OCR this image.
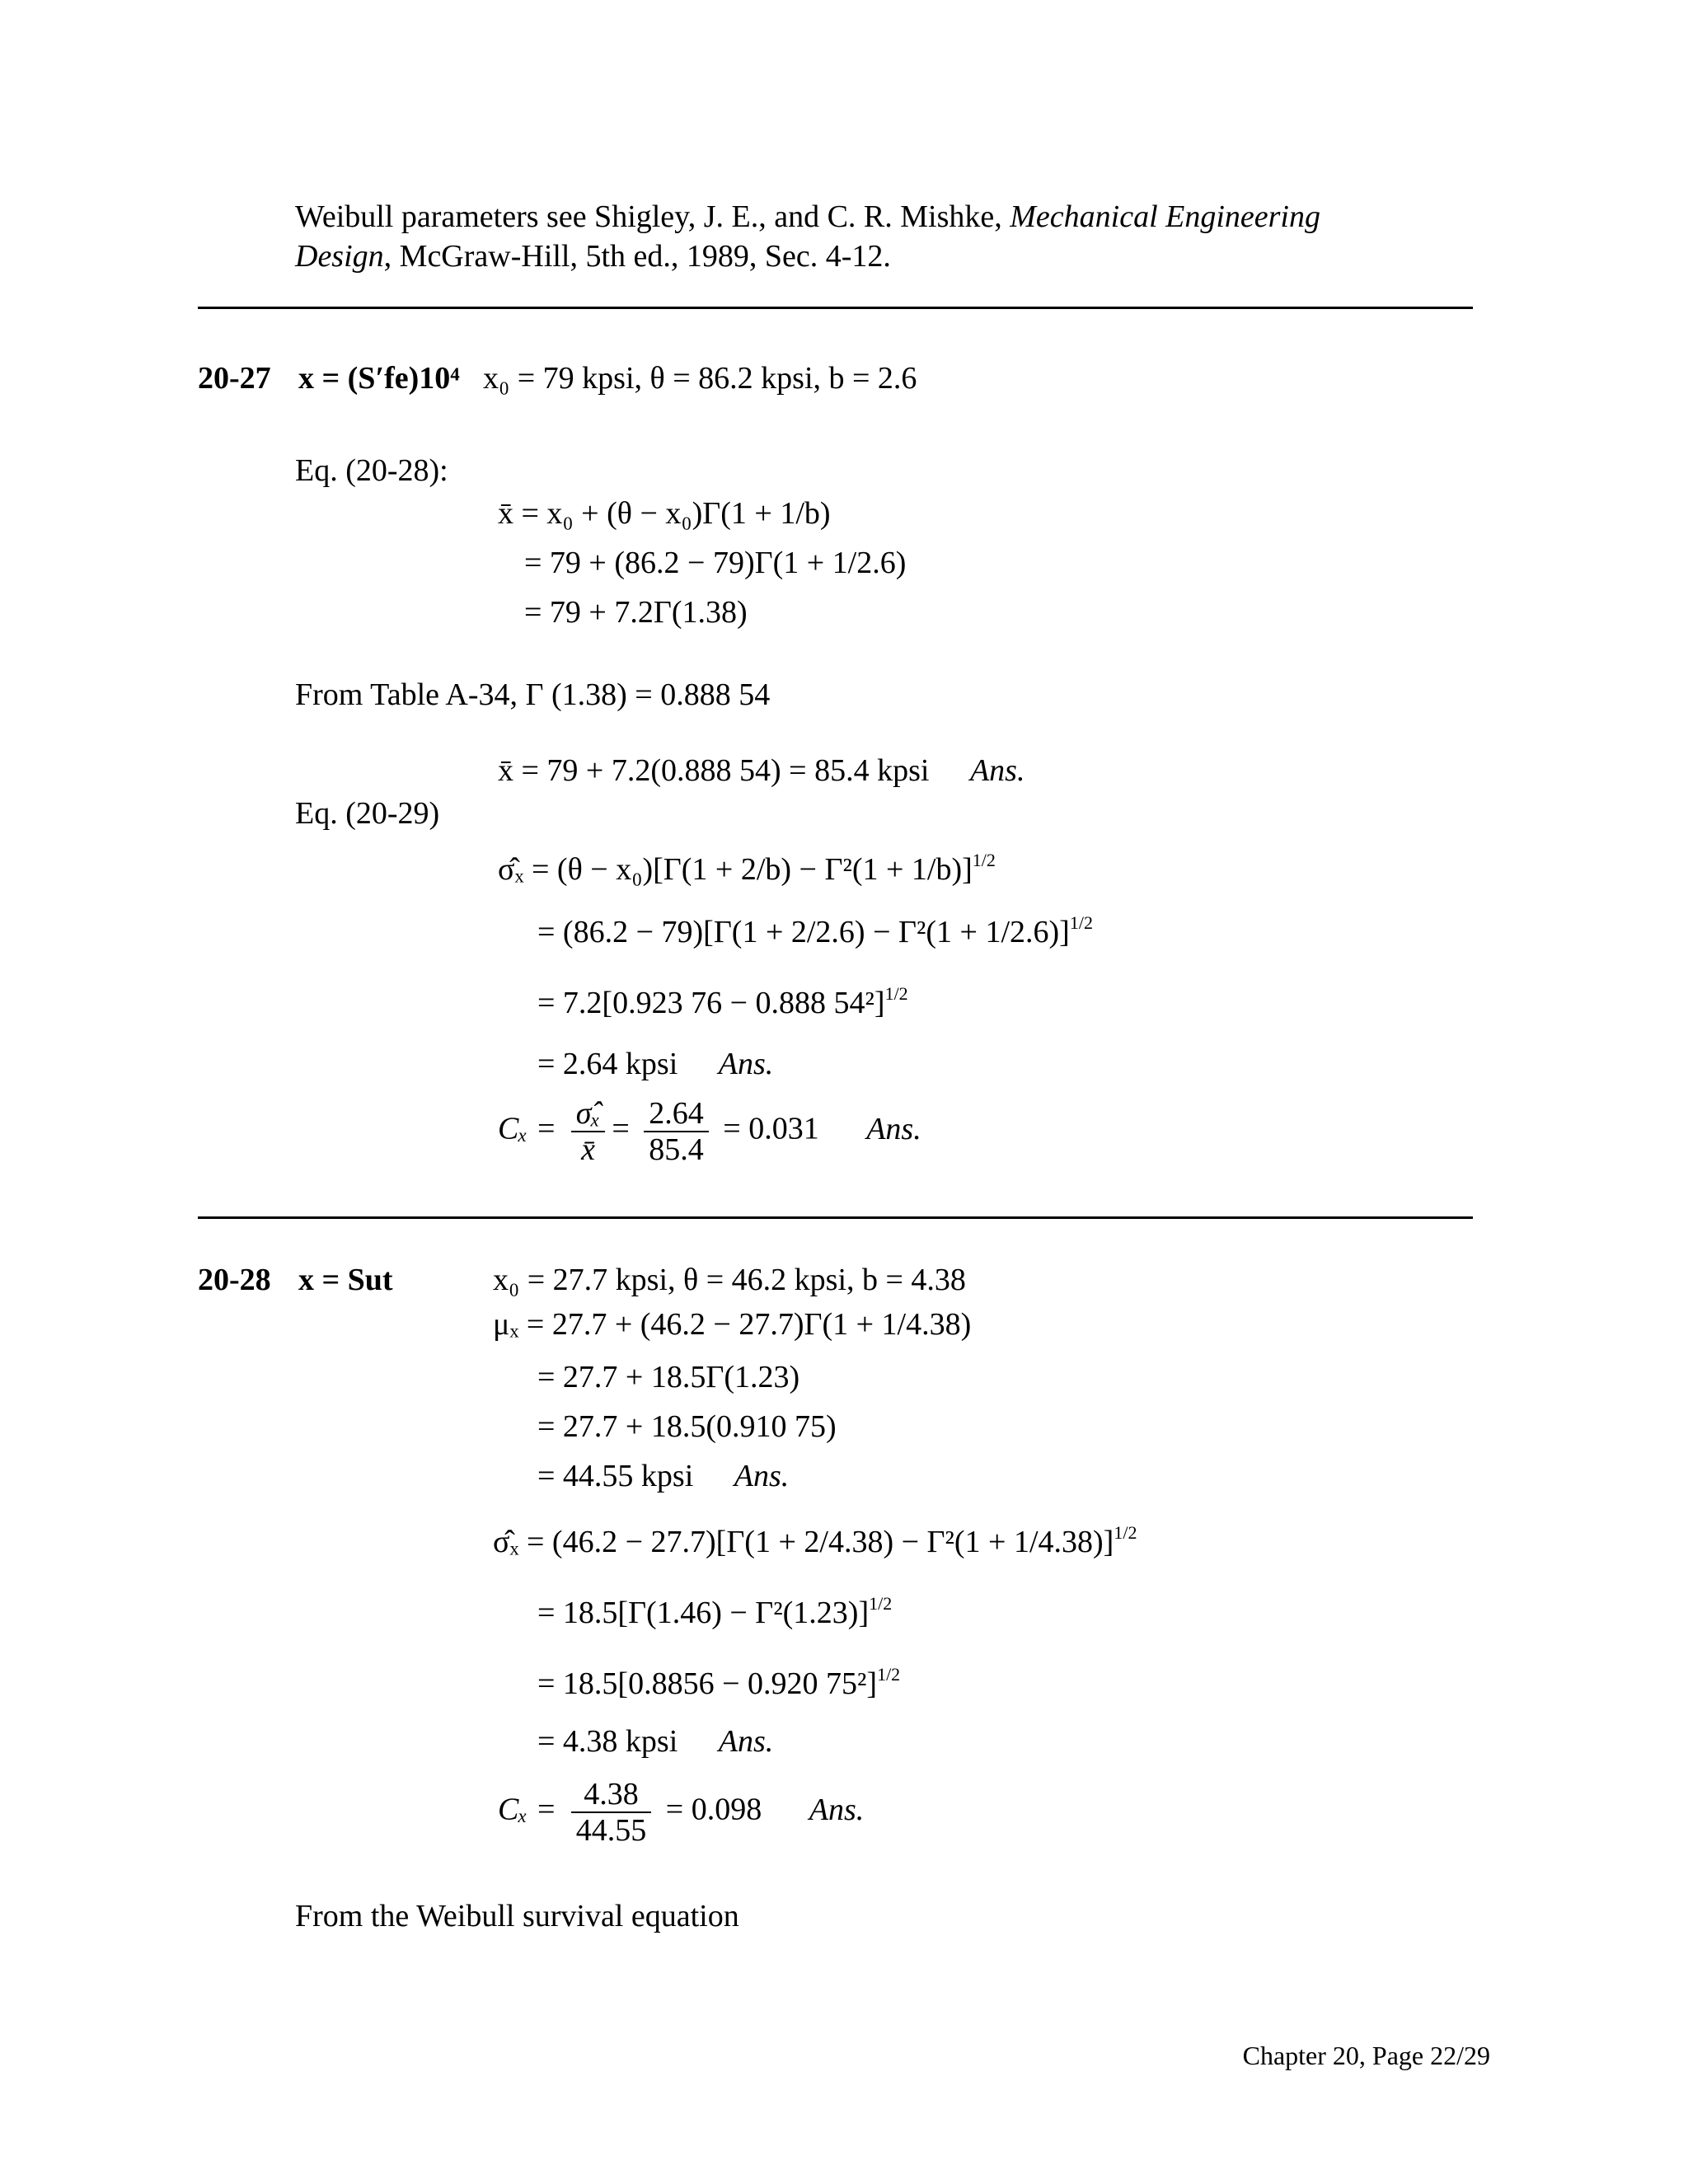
Weibull parameters see Shigley, J. E., and C. R. Mishke, Mechanical Engineering
Design, McGraw-Hill, 5th ed., 1989, Sec. 4-12.
20-27 x = (S′fe)10⁴ x₀ = 79 kpsi, θ = 86.2 kpsi, b = 2.6
Eq. (20-28):
x̄ = x₀ + (θ − x₀)Γ(1 + 1/b)
= 79 + (86.2 − 79)Γ(1 + 1/2.6)
= 79 + 7.2Γ(1.38)
From Table A-34, Γ (1.38) = 0.888 54
x̄ = 79 + 7.2(0.888 54) = 85.4 kpsi Ans.
Eq. (20-29)
σ̂ₓ = $(\theta - x_0)[\Gamma(1 + 2/b) - \Gamma^2(1 + 1/b)]^{1/2}$
= $(86.2 - 79)[\Gamma(1 + 2/2.6) - \Gamma^2(1 + 1/2.6)]^{1/2}$
= 7.2[0.923 76 − 0.888 54²]$^{1/2}$
= 2.64 kpsi Ans.
$C_x = \frac{\text{σ̂ₓ}}{x̄} = \frac{2.64}{85.4} = 0.031$ Ans.
20-28 x = Sut	x₀ = 27.7 kpsi, θ = 46.2 kpsi, b = 4.38
μₓ = 27.7 + (46.2 − 27.7)Γ(1 + 1/4.38)
= 27.7 + 18.5Γ(1.23)
= 27.7 + 18.5(0.910 75)
= 44.55 kpsi Ans.
σ̂ₓ = $(46.2 - 27.7)[\Gamma(1 + 2/4.38) - \Gamma^2(1 + 1/4.38)]^{1/2}$
= $18.5[\Gamma(1.46) - \Gamma^2(1.23)]^{1/2}$
= 18.5[0.8856 − 0.920 75²]$^{1/2}$
= 4.38 kpsi Ans.
$C_x = \frac{4.38}{44.55} = 0.098$ Ans.
From the Weibull survival equation
Chapter 20, Page 22/29
